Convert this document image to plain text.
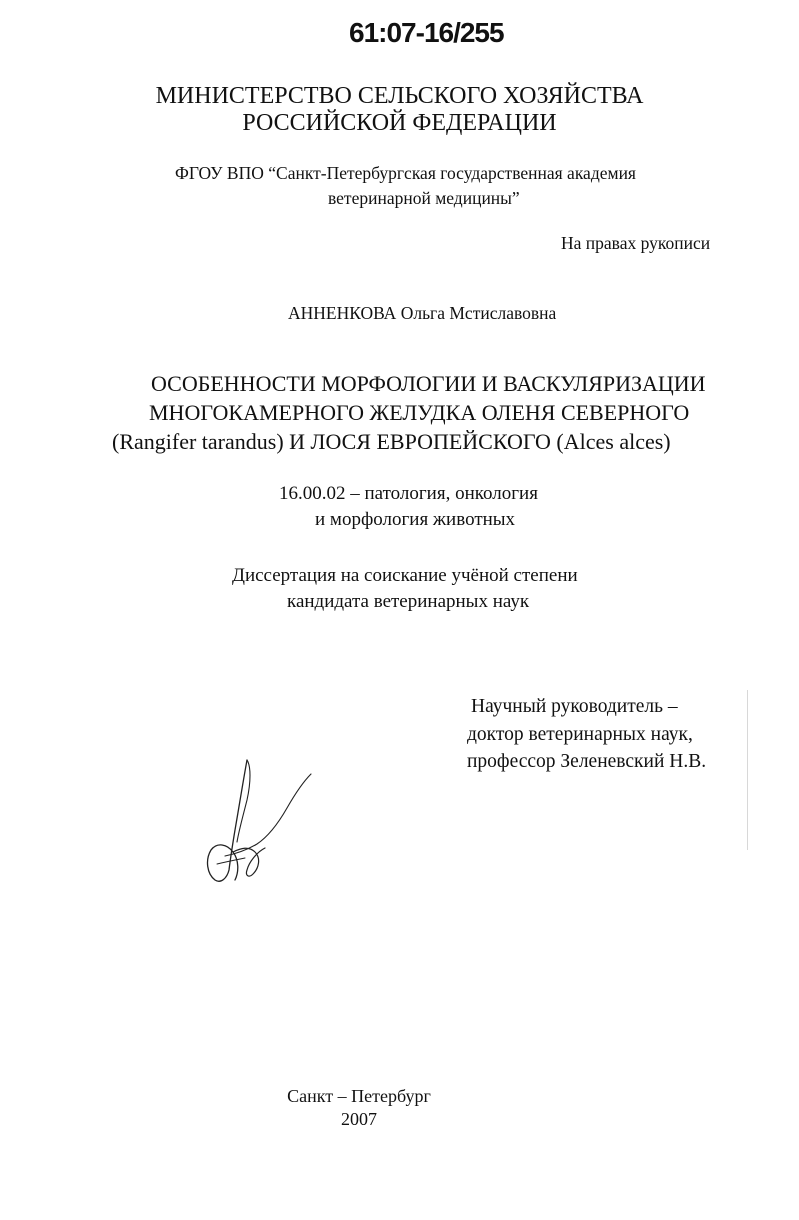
61:07-16/255
МИНИСТЕРСТВО СЕЛЬСКОГО ХОЗЯЙСТВА
РОССИЙСКОЙ ФЕДЕРАЦИИ
ФГОУ ВПО “Санкт-Петербургская государственная академия
ветеринарной медицины”
На правах рукописи
АННЕНКОВА Ольга Мстиславовна
ОСОБЕННОСТИ МОРФОЛОГИИ И ВАСКУЛЯРИЗАЦИИ
МНОГОКАМЕРНОГО ЖЕЛУДКА ОЛЕНЯ СЕВЕРНОГО
(Rangifer tarandus) И ЛОСЯ ЕВРОПЕЙСКОГО (Alces alces)
16.00.02 – патология, онкология
и морфология животных
Диссертация на соискание учёной степени
кандидата ветеринарных наук
Научный руководитель –
доктор ветеринарных наук,
профессор Зеленевский Н.В.
Санкт – Петербург
2007
